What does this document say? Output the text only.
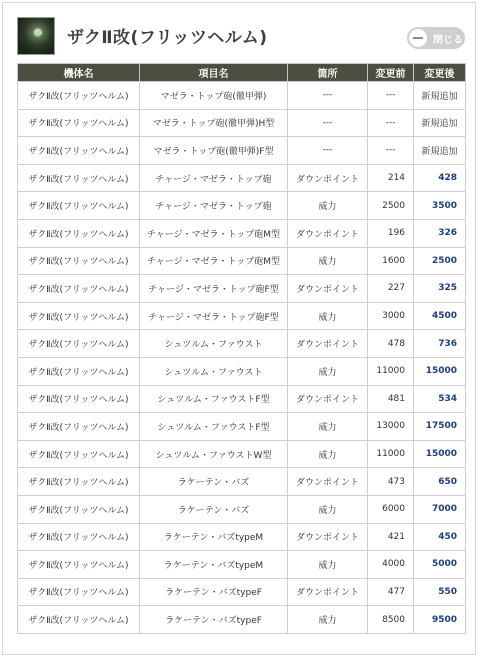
ザクⅡ改(フリッツヘルム)	閉じる
機体名	項目名	箇所	変更前	変更後
ザクⅡ改(フリッツヘルム)	マゼラ・トップ砲(徹甲弾)	---	---	新規追加
ザクⅡ改(フリッツヘルム)	マゼラ・トップ砲(徹甲弾)H型	---	---	新規追加
ザクⅡ改(フリッツヘルム)	マゼラ・トップ砲(徹甲弾)F型	---	---	新規追加
ザクⅡ改(フリッツヘルム)	チャージ・マゼラ・トップ砲	ダウンポイント	214	428
ザクⅡ改(フリッツヘルム)	チャージ・マゼラ・トップ砲	威力	2500	3500
ザクⅡ改(フリッツヘルム)	チャージ・マゼラ・トップ砲M型	ダウンポイント	196	326
ザクⅡ改(フリッツヘルム)	チャージ・マゼラ・トップ砲M型	威力	1600	2500
ザクⅡ改(フリッツヘルム)	チャージ・マゼラ・トップ砲F型	ダウンポイント	227	325
ザクⅡ改(フリッツヘルム)	チャージ・マゼラ・トップ砲F型	威力	3000	4500
ザクⅡ改(フリッツヘルム)	シュツルム・ファウスト	ダウンポイント	478	736
ザクⅡ改(フリッツヘルム)	シュツルム・ファウスト	威力	11000	15000
ザクⅡ改(フリッツヘルム)	シュツルム・ファウストF型	ダウンポイント	481	534
ザクⅡ改(フリッツヘルム)	シュツルム・ファウストF型	威力	13000	17500
ザクⅡ改(フリッツヘルム)	シュツルム・ファウストW型	威力	11000	15000
ザクⅡ改(フリッツヘルム)	ラケーテン・バズ	ダウンポイント	473	650
ザクⅡ改(フリッツヘルム)	ラケーテン・バズ	威力	6000	7000
ザクⅡ改(フリッツヘルム)	ラケーテン・バズtypeM	ダウンポイント	421	450
ザクⅡ改(フリッツヘルム)	ラケーテン・バズtypeM	威力	4000	5000
ザクⅡ改(フリッツヘルム)	ラケーテン・バズtypeF	ダウンポイント	477	550
ザクⅡ改(フリッツヘルム)	ラケーテン・バズtypeF	威力	8500	9500
